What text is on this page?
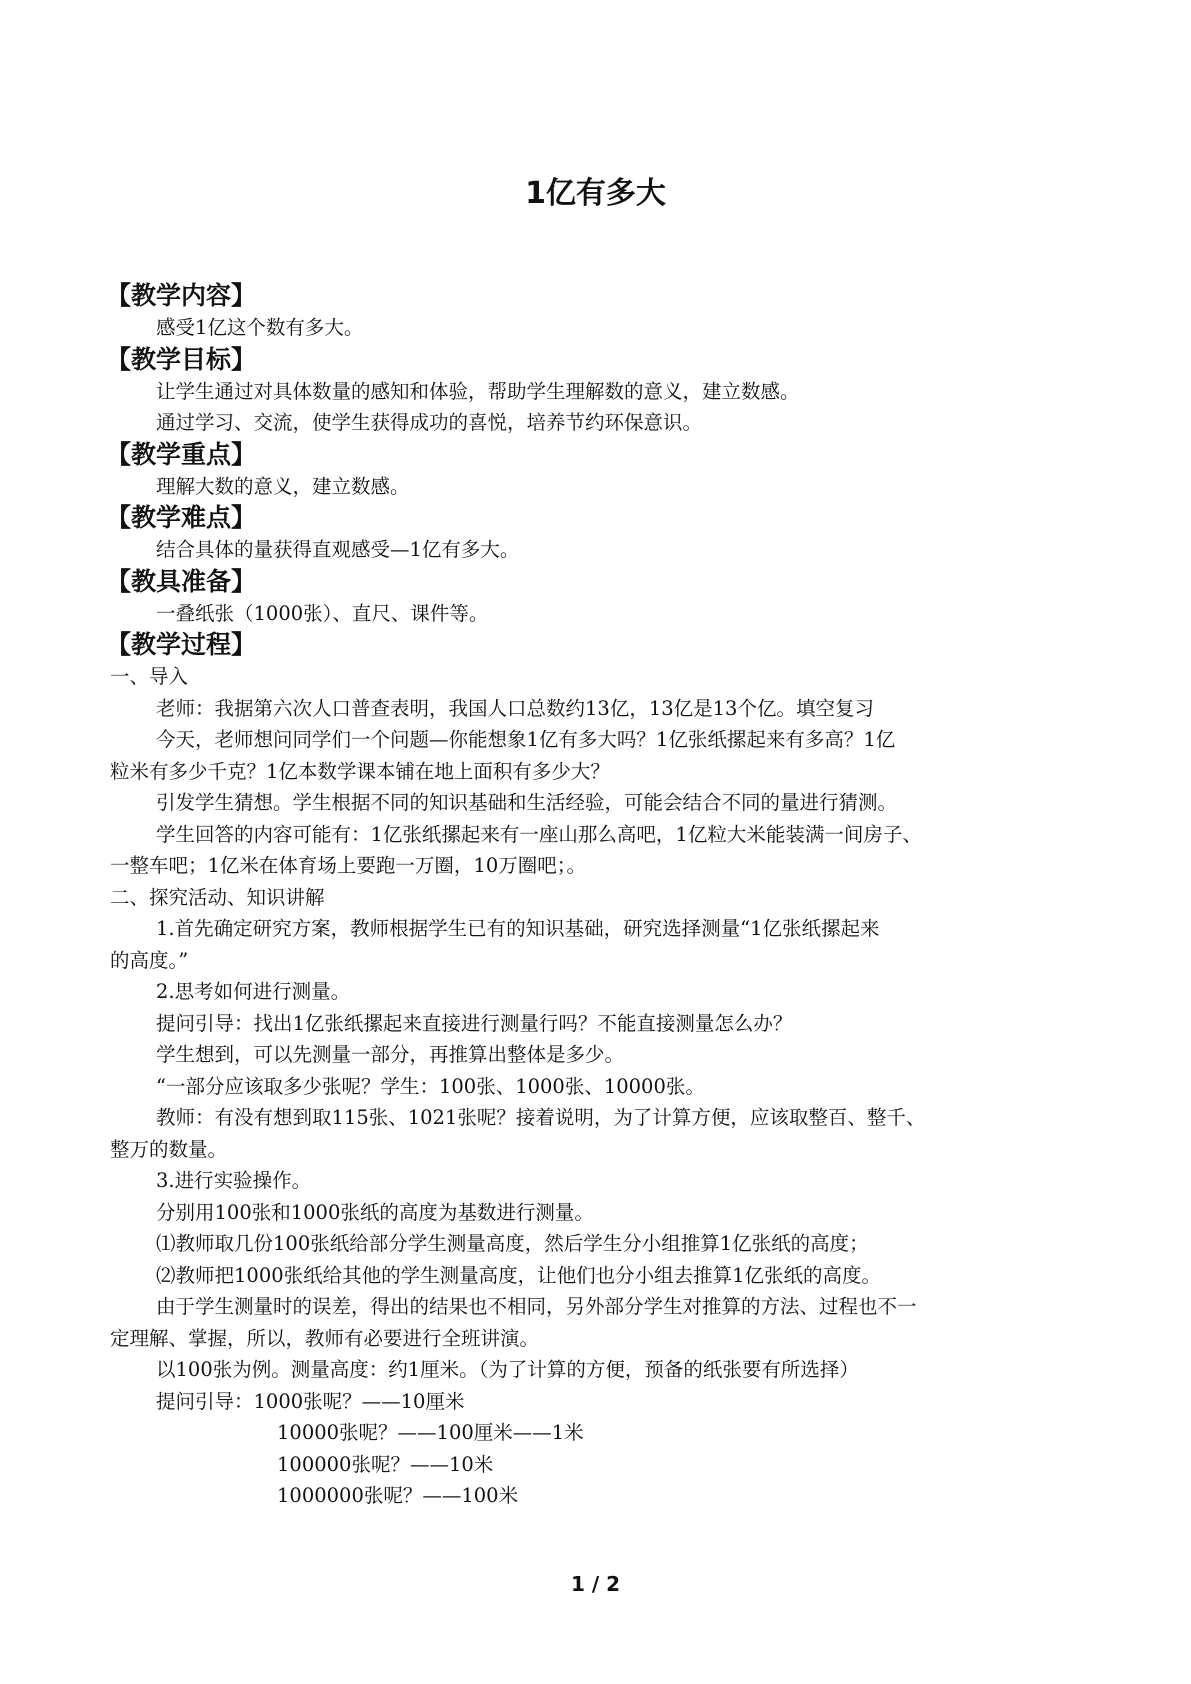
1亿有多大
【教学内容】
感受1亿这个数有多大。
【教学目标】
让学生通过对具体数量的感知和体验，帮助学生理解数的意义，建立数感。
通过学习、交流，使学生获得成功的喜悦，培养节约环保意识。
【教学重点】
理解大数的意义，建立数感。
【教学难点】
结合具体的量获得直观感受—1亿有多大。
【教具准备】
一叠纸张（1000张）、直尺、课件等。
【教学过程】
一、导入
老师：我据第六次人口普查表明，我国人口总数约13亿，13亿是13个亿。填空复习
今天，老师想问同学们一个问题—你能想象1亿有多大吗？1亿张纸摞起来有多高？1亿
粒米有多少千克？1亿本数学课本铺在地上面积有多少大？
引发学生猜想。学生根据不同的知识基础和生活经验，可能会结合不同的量进行猜测。
学生回答的内容可能有：1亿张纸摞起来有一座山那么高吧，1亿粒大米能装满一间房子、
一整车吧；1亿米在体育场上要跑一万圈，10万圈吧；。
二、探究活动、知识讲解
1.首先确定研究方案，教师根据学生已有的知识基础，研究选择测量“1亿张纸摞起来
的高度。”
2.思考如何进行测量。
提问引导：找出1亿张纸摞起来直接进行测量行吗？不能直接测量怎么办？
学生想到，可以先测量一部分，再推算出整体是多少。
“一部分应该取多少张呢？学生：100张、1000张、10000张。
教师：有没有想到取115张、1021张呢？接着说明，为了计算方便，应该取整百、整千、
整万的数量。
3.进行实验操作。
分别用100张和1000张纸的高度为基数进行测量。
⑴教师取几份100张纸给部分学生测量高度，然后学生分小组推算1亿张纸的高度；
⑵教师把1000张纸给其他的学生测量高度，让他们也分小组去推算1亿张纸的高度。
由于学生测量时的误差，得出的结果也不相同，另外部分学生对推算的方法、过程也不一
定理解、掌握，所以，教师有必要进行全班讲演。
以100张为例。测量高度：约1厘米。（为了计算的方便，预备的纸张要有所选择）
提问引导：1000张呢？——10厘米
10000张呢？——100厘米——1米
100000张呢？——10米
1000000张呢？——100米
1 / 2
